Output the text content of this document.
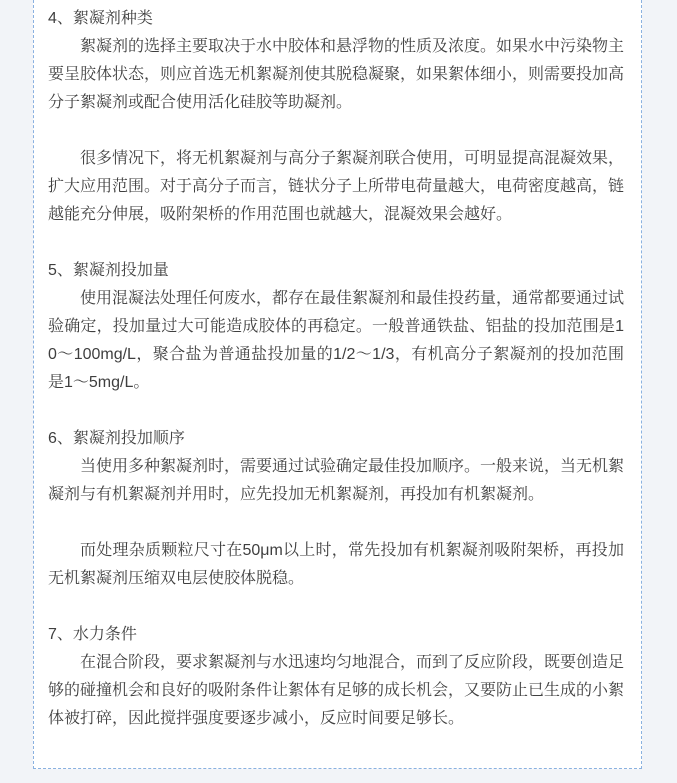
4、絮凝剂种类

絮凝剂的选择主要取决于水中胶体和悬浮物的性质及浓度。如果水中污染物主要呈胶体状态，则应首选无机絮凝剂使其脱稳凝聚，如果絮体细小，则需要投加高分子絮凝剂或配合使用活化硅胶等助凝剂。

很多情况下，将无机絮凝剂与高分子絮凝剂联合使用，可明显提高混凝效果，扩大应用范围。对于高分子而言，链状分子上所带电荷量越大，电荷密度越高，链越能充分伸展，吸附架桥的作用范围也就越大，混凝效果会越好。

5、絮凝剂投加量

使用混凝法处理任何废水，都存在最佳絮凝剂和最佳投药量，通常都要通过试验确定，投加量过大可能造成胶体的再稳定。一般普通铁盐、铝盐的投加范围是10～100mg/L，聚合盐为普通盐投加量的1/2～1/3，有机高分子絮凝剂的投加范围是1～5mg/L。

6、絮凝剂投加顺序

当使用多种絮凝剂时，需要通过试验确定最佳投加顺序。一般来说，当无机絮凝剂与有机絮凝剂并用时，应先投加无机絮凝剂，再投加有机絮凝剂。

而处理杂质颗粒尺寸在50μm以上时，常先投加有机絮凝剂吸附架桥，再投加无机絮凝剂压缩双电层使胶体脱稳。

7、水力条件

在混合阶段，要求絮凝剂与水迅速均匀地混合，而到了反应阶段，既要创造足够的碰撞机会和良好的吸附条件让絮体有足够的成长机会，又要防止已生成的小絮体被打碎，因此搅拌强度要逐步减小，反应时间要足够长。
